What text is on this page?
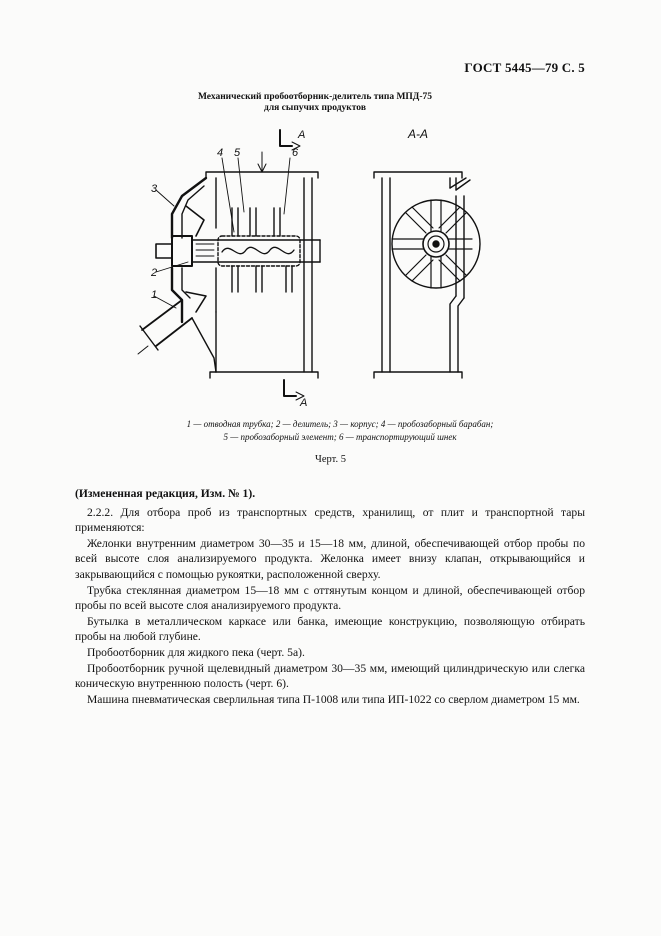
ГОСТ 5445—79 С. 5
Механический пробоотборник-делитель типа МПД-75
для сыпучих продуктов
4 5	6
3
2
1
А
А
А-А
1 — отводная трубка; 2 — делитель; 3 — корпус; 4 — пробозаборный барабан;
5 — пробозаборный элемент; 6 — транспортирующий шнек
Черт. 5

(Измененная редакция, Изм. № 1).

2.2.2. Для отбора проб из транспортных средств, хранилищ, от плит и транспортной тары применяются:

Желонки внутренним диаметром 30—35 и 15—18 мм, длиной, обеспечивающей отбор пробы по всей высоте слоя анализируемого продукта. Желонка имеет внизу клапан, открывающийся и закрывающийся с помощью рукоятки, расположенной сверху.

Трубка стеклянная диаметром 15—18 мм с оттянутым концом и длиной, обеспечивающей отбор пробы по всей высоте слоя анализируемого продукта.

Бутылка в металлическом каркасе или банка, имеющие конструкцию, позволяющую отбирать пробы на любой глубине.

Пробоотборник для жидкого пека (черт. 5а).

Пробоотборник ручной щелевидный диаметром 30—35 мм, имеющий цилиндрическую или слегка коническую внутреннюю полость (черт. 6).

Машина пневматическая сверлильная типа П-1008 или типа ИП-1022 со сверлом диаметром 15 мм.
